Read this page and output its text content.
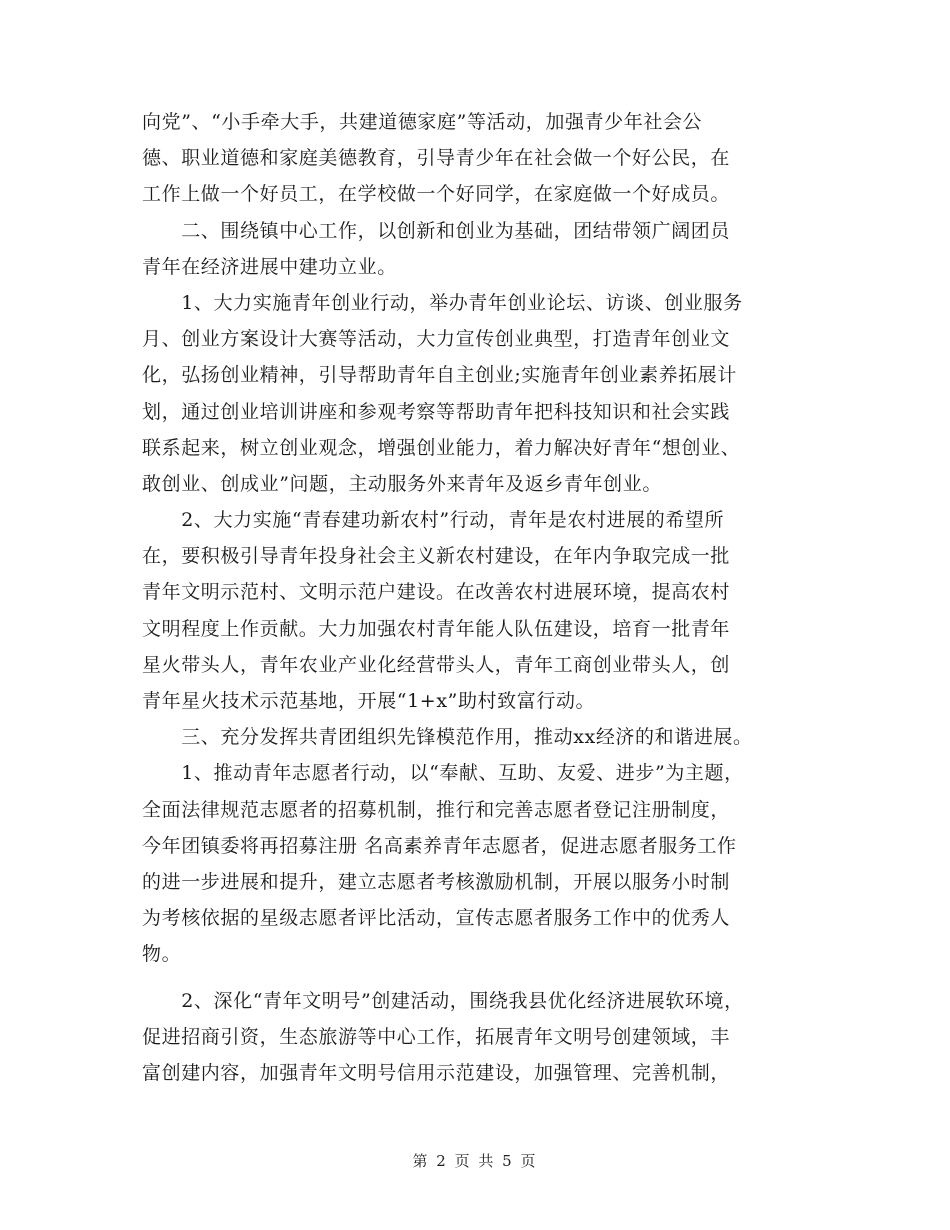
向党”、“小手牵大手，共建道德家庭”等活动，加强青少年社会公
德、职业道德和家庭美德教育，引导青少年在社会做一个好公民，在
工作上做一个好员工，在学校做一个好同学，在家庭做一个好成员。
　　二、围绕镇中心工作，以创新和创业为基础，团结带领广阔团员
青年在经济进展中建功立业。
　　1、大力实施青年创业行动，举办青年创业论坛、访谈、创业服务
月、创业方案设计大赛等活动，大力宣传创业典型，打造青年创业文
化，弘扬创业精神，引导帮助青年自主创业;实施青年创业素养拓展计
划，通过创业培训讲座和参观考察等帮助青年把科技知识和社会实践
联系起来，树立创业观念，增强创业能力，着力解决好青年“想创业、
敢创业、创成业”问题，主动服务外来青年及返乡青年创业。
　　2、大力实施“青春建功新农村”行动，青年是农村进展的希望所
在，要积极引导青年投身社会主义新农村建设，在年内争取完成一批
青年文明示范村、文明示范户建设。在改善农村进展环境，提高农村
文明程度上作贡献。大力加强农村青年能人队伍建设，培育一批青年
星火带头人，青年农业产业化经营带头人，青年工商创业带头人，创
青年星火技术示范基地，开展“1+x”助村致富行动。
　　三、充分发挥共青团组织先锋模范作用，推动xx经济的和谐进展。
　　1、推动青年志愿者行动，以“奉献、互助、友爱、进步”为主题，
全面法律规范志愿者的招募机制，推行和完善志愿者登记注册制度，
今年团镇委将再招募注册 名高素养青年志愿者，促进志愿者服务工作
的进一步进展和提升，建立志愿者考核激励机制，开展以服务小时制
为考核依据的星级志愿者评比活动，宣传志愿者服务工作中的优秀人
物。
　　2、深化“青年文明号”创建活动，围绕我县优化经济进展软环境，
促进招商引资，生态旅游等中心工作，拓展青年文明号创建领域，丰
富创建内容，加强青年文明号信用示范建设，加强管理、完善机制，
第 2 页 共 5 页
